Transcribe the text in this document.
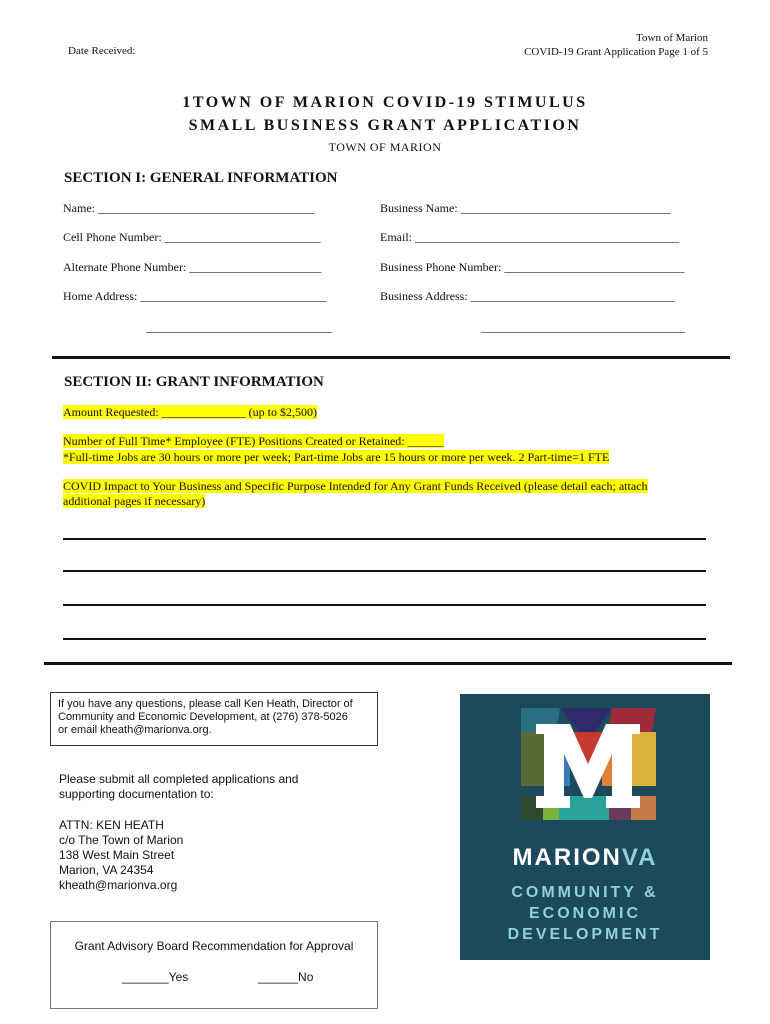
Date Received:
Town of Marion
COVID-19 Grant Application Page 1 of 5
1TOWN OF MARION COVID-19 STIMULUS
SMALL BUSINESS GRANT APPLICATION
TOWN OF MARION
SECTION I: GENERAL INFORMATION
Name: ____________________________________	Business Name: ___________________________________
Cell Phone Number: __________________________	Email: ____________________________________________
Alternate Phone Number: ______________________	Business Phone Number: ______________________________
Home Address: _______________________________	Business Address: __________________________________
_______________________________	__________________________________
SECTION II: GRANT INFORMATION
Amount Requested: ______________ (up to $2,500)
Number of Full Time* Employee (FTE) Positions Created or Retained: ______
*Full-time Jobs are 30 hours or more per week; Part-time Jobs are 15 hours or more per week. 2 Part-time=1 FTE
COVID Impact to Your Business and Specific Purpose Intended for Any Grant Funds Received (please detail each; attach
additional pages if necessary)
If you have any questions, please call Ken Heath, Director of
Community and Economic Development, at (276) 378-5026
or email kheath@marionva.org.
Please submit all completed applications and
supporting documentation to:
ATTN: KEN HEATH
c/o The Town of Marion
138 West Main Street
Marion, VA 24354
kheath@marionva.org
Grant Advisory Board Recommendation for Approval
_______Yes	______No
MARIONVA
COMMUNITY &
ECONOMIC
DEVELOPMENT
